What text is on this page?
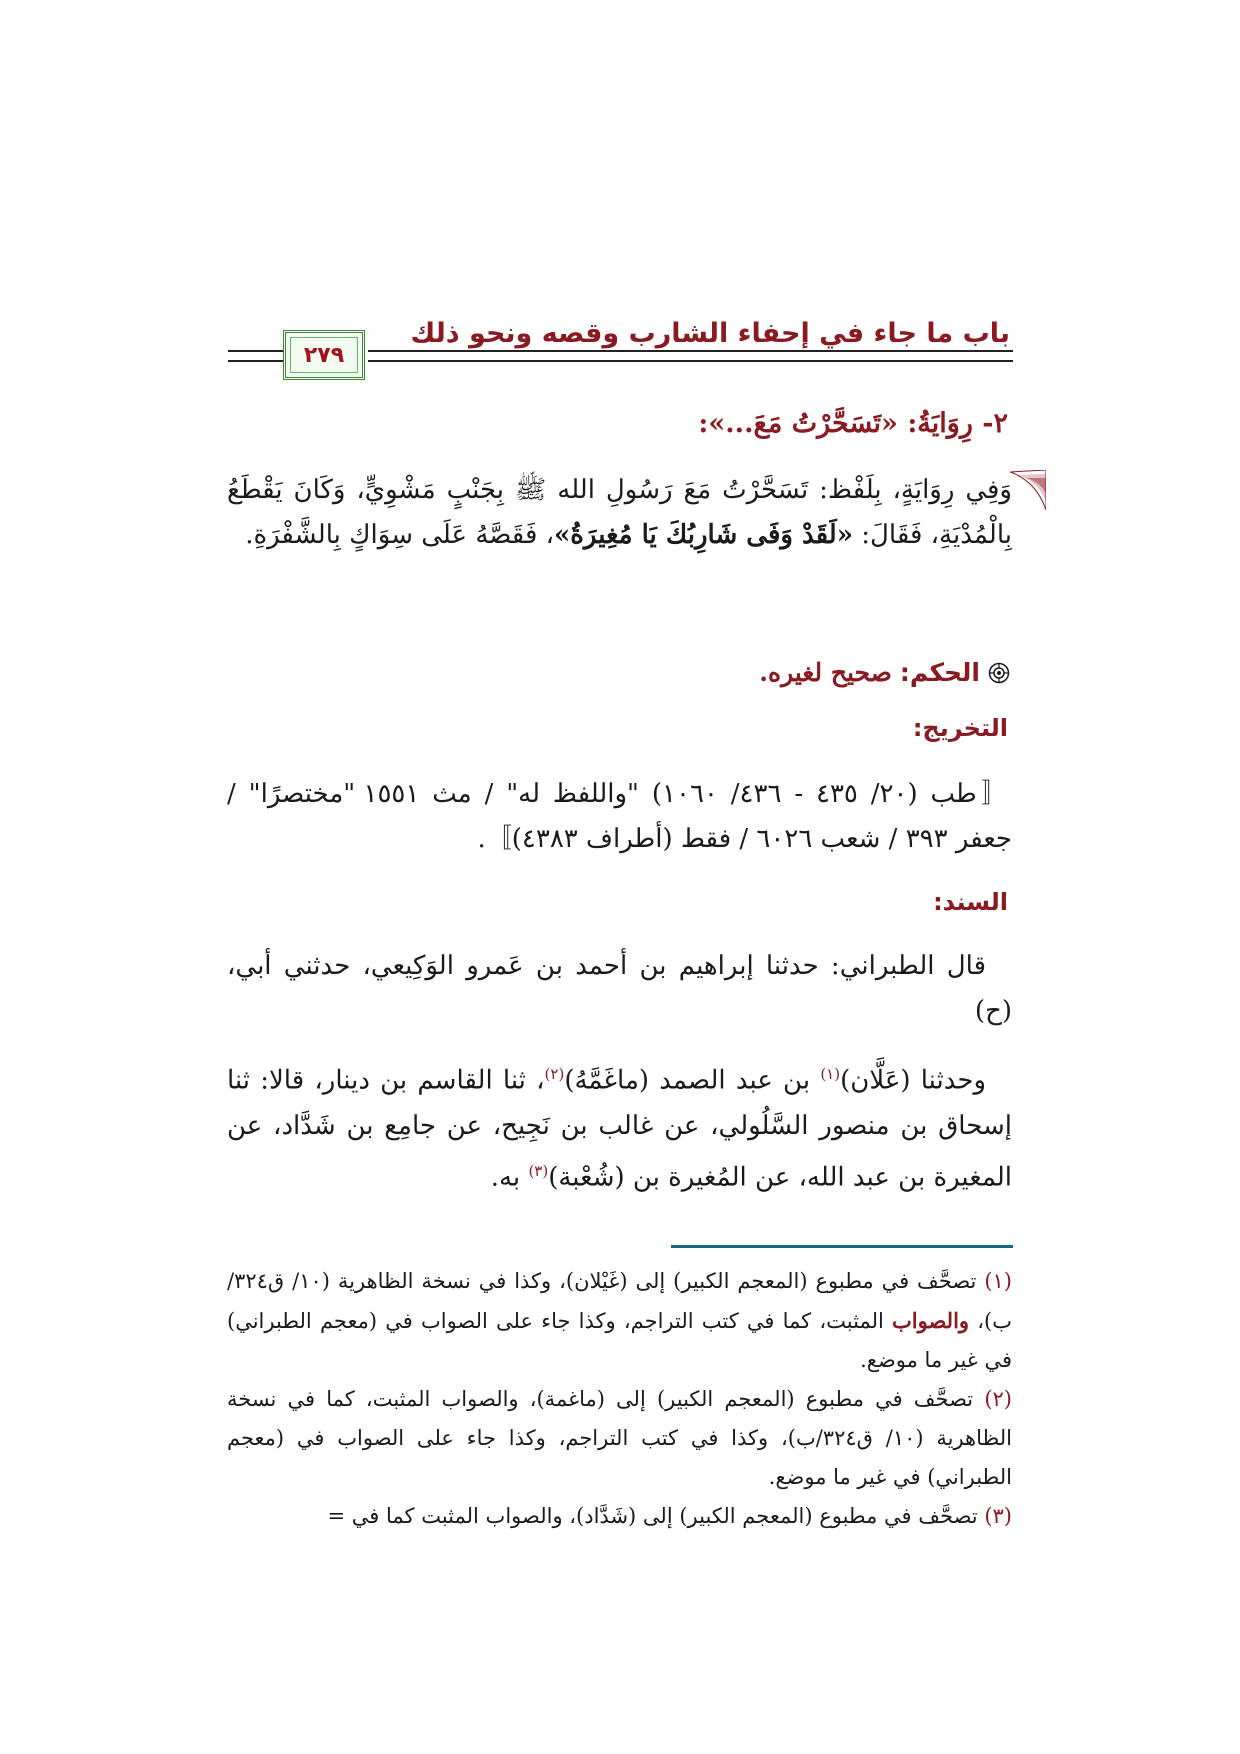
باب ما جاء في إحفاء الشارب وقصه ونحو ذلك
٢٧٩
٢- رِوَايَةُ: «تَسَحَّرْتُ مَعَ...»:
وَفِي رِوَايَةٍ، بِلَفْظ: تَسَحَّرْتُ مَعَ رَسُولِ الله ﷺ بِجَنْبٍ مَشْوِيٍّ، وَكَانَ يَقْطَعُ بِالْمُدْيَةِ، فَقَالَ: «لَقَدْ وَفَى شَارِبُكَ يَا مُغِيرَةُ»، فَقَصَّهُ عَلَى سِوَاكٍ بِالشَّفْرَةِ.
الحكم:
صحيح لغيره.
التخريج:
〚طب (٢٠/ ٤٣٥ - ٤٣٦/ ١٠٦٠) "واللفظ له" / مث ١٥٥١ "مختصرًا" / جعفر ٣٩٣ / شعب ٦٠٢٦ / فقط (أطراف ٤٣٨٣)〛.
السند:
قال الطبراني: حدثنا إبراهيم بن أحمد بن عَمرو الوَكِيعي، حدثني أبي، (ح)
وحدثنا (عَلَّان)$^{(١)}$ بن عبد الصمد (ماغَمَّهُ)$^{(٢)}$، ثنا القاسم بن دينار، قالا: ثنا إسحاق بن منصور السَّلُولي، عن غالب بن نَجِيح، عن جامِع بن شَدَّاد، عن المغيرة بن عبد الله، عن المُغيرة بن (شُعْبة)$^{(٣)}$ به.

(١) تصحَّف في مطبوع (المعجم الكبير) إلى (غَيْلان)، وكذا في نسخة الظاهرية (١٠/ ق٣٢٤/ ب)، والصواب المثبت، كما في كتب التراجم، وكذا جاء على الصواب في (معجم الطبراني) في غير ما موضع.

(٢) تصحَّف في مطبوع (المعجم الكبير) إلى (ماغمة)، والصواب المثبت، كما في نسخة الظاهرية (١٠/ ق٣٢٤/ب)، وكذا في كتب التراجم، وكذا جاء على الصواب في (معجم الطبراني) في غير ما موضع.

(٣) تصحَّف في مطبوع (المعجم الكبير) إلى (شَدَّاد)، والصواب المثبت كما في =
